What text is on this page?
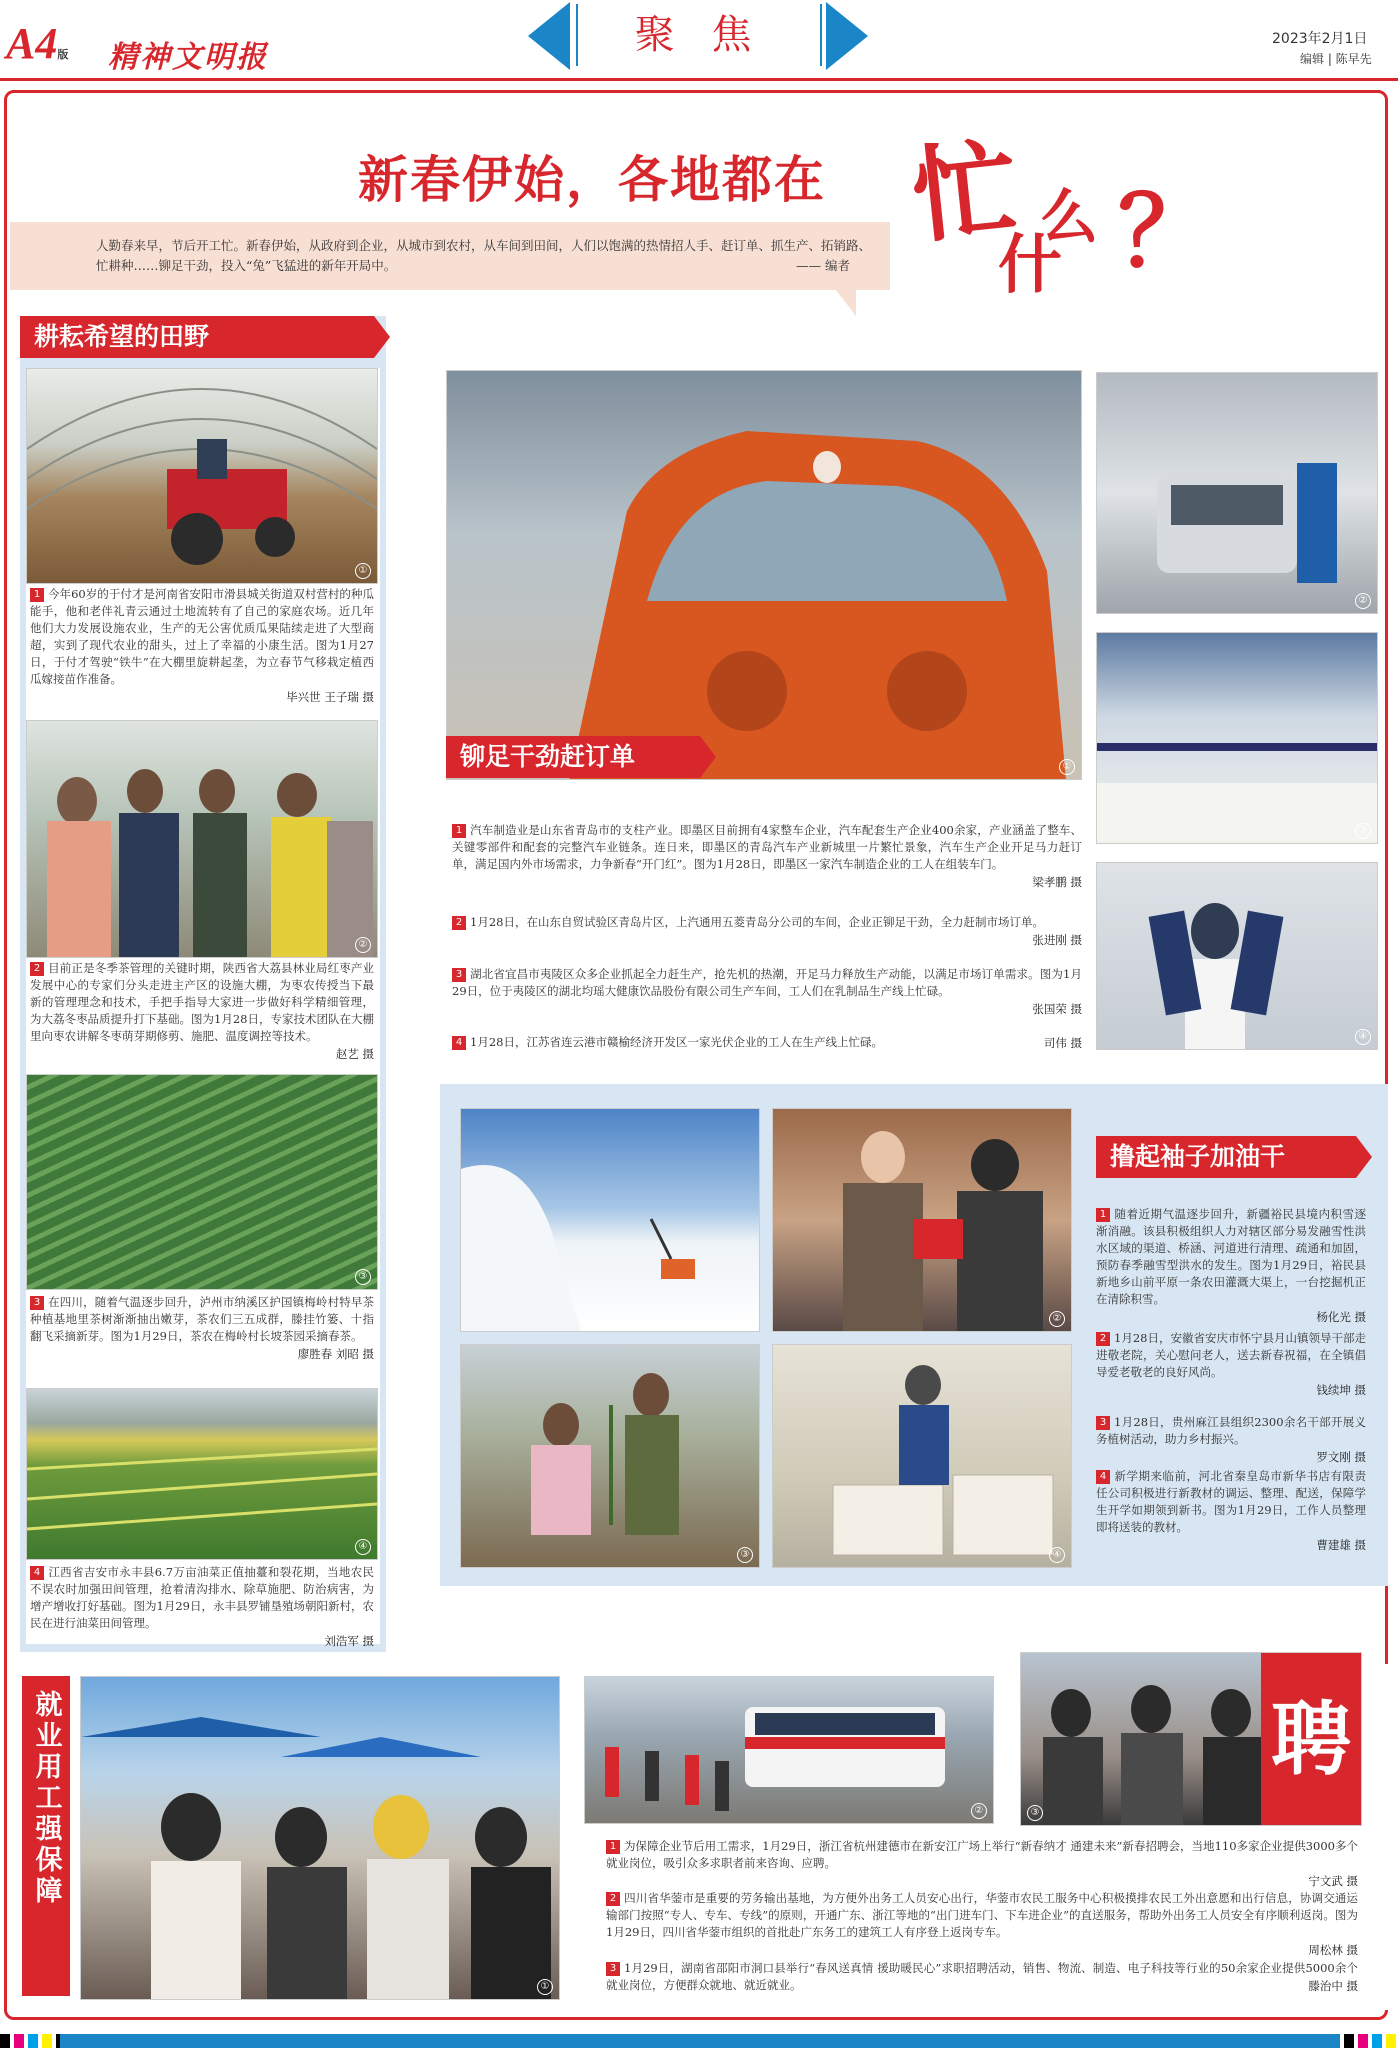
A4版 精神文明报	聚 焦	2023年2月1日
编辑 | 陈早先
新春伊始，各地都在 忙
什
么 ？
人勤春来早，节后开工忙。新春伊始，从政府到企业，从城市到农村，从车间到田间，人们以饱满的热情招人手、赶订单、抓生产、拓销路、忙耕种……铆足干劲，投入“兔”飞猛进的新年开局中。	—— 编者
耕耘希望的田野
①
1 今年60岁的于付才是河南省安阳市滑县城关街道双村营村的种瓜能手，他和老伴礼青云通过土地流转有了自己的家庭农场。近几年他们大力发展设施农业，生产的无公害优质瓜果陆续走进了大型商超，实到了现代农业的甜头，过上了幸福的小康生活。图为1月27日，于付才驾驶“铁牛”在大棚里旋耕起垄，为立春节气移栽定植西瓜嫁接苗作准备。
毕兴世 王子瑞 摄
②
2 目前正是冬季茶管理的关键时期，陕西省大荔县林业局红枣产业发展中心的专家们分头走进主产区的设施大棚，为枣农传授当下最新的管理理念和技术，手把手指导大家进一步做好科学精细管理，为大荔冬枣品质提升打下基础。图为1月28日，专家技术团队在大棚里向枣农讲解冬枣萌芽期修剪、施肥、温度调控等技术。
赵艺 摄
③
3 在四川，随着气温逐步回升，泸州市纳溪区护国镇梅岭村特早茶种植基地里茶树渐渐抽出嫩芽，茶农们三五成群，滕挂竹篓、十指翻飞采摘新芽。图为1月29日，茶农在梅岭村长坡茶园采摘春茶。
廖胜春 刘昭 摄
④
4 江西省吉安市永丰县6.7万亩油菜正值抽薹和裂花期，当地农民不误农时加强田间管理，抢着清沟排水、除草施肥、防治病害，为增产增收打好基础。图为1月29日，永丰县罗铺垦殖场朝阳新村，农民在进行油菜田间管理。
刘浩军 摄
①
铆足干劲赶订单
②
③
④
1 汽车制造业是山东省青岛市的支柱产业。即墨区目前拥有4家整车企业，汽车配套生产企业400余家，产业涵盖了整车、关键零部件和配套的完整汽车业链条。连日来，即墨区的青岛汽车产业新城里一片繁忙景象，汽车生产企业开足马力赶订单，满足国内外市场需求，力争新春“开门红”。图为1月28日，即墨区一家汽车制造企业的工人在组装车门。
梁孝鹏 摄
2 1月28日，在山东自贸试验区青岛片区，上汽通用五菱青岛分公司的车间，企业正铆足干劲，全力赶制市场订单。
张进刚 摄
3 湖北省宜昌市夷陵区众多企业抓起全力赶生产，抢先机的热潮，开足马力释放生产动能，以满足市场订单需求。图为1月29日，位于夷陵区的湖北均瑶大健康饮品股份有限公司生产车间，工人们在乳制品生产线上忙碌。
张国荣 摄
4 1月28日，江苏省连云港市赣榆经济开发区一家光伏企业的工人在生产线上忙碌。	司伟 摄
①	②
③	④
撸起袖子加油干
1 随着近期气温逐步回升，新疆裕民县境内积雪逐渐消融。该县积极组织人力对辖区部分易发融雪性洪水区域的渠道、桥涵、河道进行清理、疏通和加固，预防春季融雪型洪水的发生。图为1月29日，裕民县新地乡山前平原一条农田灌溉大渠上，一台挖掘机正在清除积雪。
杨化光 摄
2 1月28日，安徽省安庆市怀宁县月山镇领导干部走进敬老院，关心慰问老人，送去新春祝福，在全镇倡导爱老敬老的良好风尚。
钱续坤 摄
3 1月28日，贵州麻江县组织2300余名干部开展义务植树活动，助力乡村振兴。
罗文刚 摄
4 新学期来临前，河北省秦皇岛市新华书店有限责任公司积极进行新教材的调运、整理、配送，保障学生开学如期领到新书。图为1月29日，工作人员整理即将送装的教材。
曹建雄 摄
就业用工强保障
①
②
聘
③
1 为保障企业节后用工需求，1月29日，浙江省杭州建德市在新安江广场上举行“新春纳才 通建未来”新春招聘会，当地110多家企业提供3000多个就业岗位，吸引众多求职者前来咨询、应聘。
宁文武 摄
2 四川省华蓥市是重要的劳务输出基地，为方便外出务工人员安心出行，华蓥市农民工服务中心积极摸排农民工外出意愿和出行信息，协调交通运输部门按照“专人、专车、专线”的原则，开通广东、浙江等地的“出门进车门、下车进企业”的直送服务，帮助外出务工人员安全有序顺利返岗。图为1月29日，四川省华蓥市组织的首批赴广东务工的建筑工人有序登上返岗专车。
周松林 摄
3 1月29日，湖南省邵阳市洞口县举行“春风送真情 援助暖民心”求职招聘活动，销售、物流、制造、电子科技等行业的50余家企业提供5000余个就业岗位，方便群众就地、就近就业。	滕治中 摄
